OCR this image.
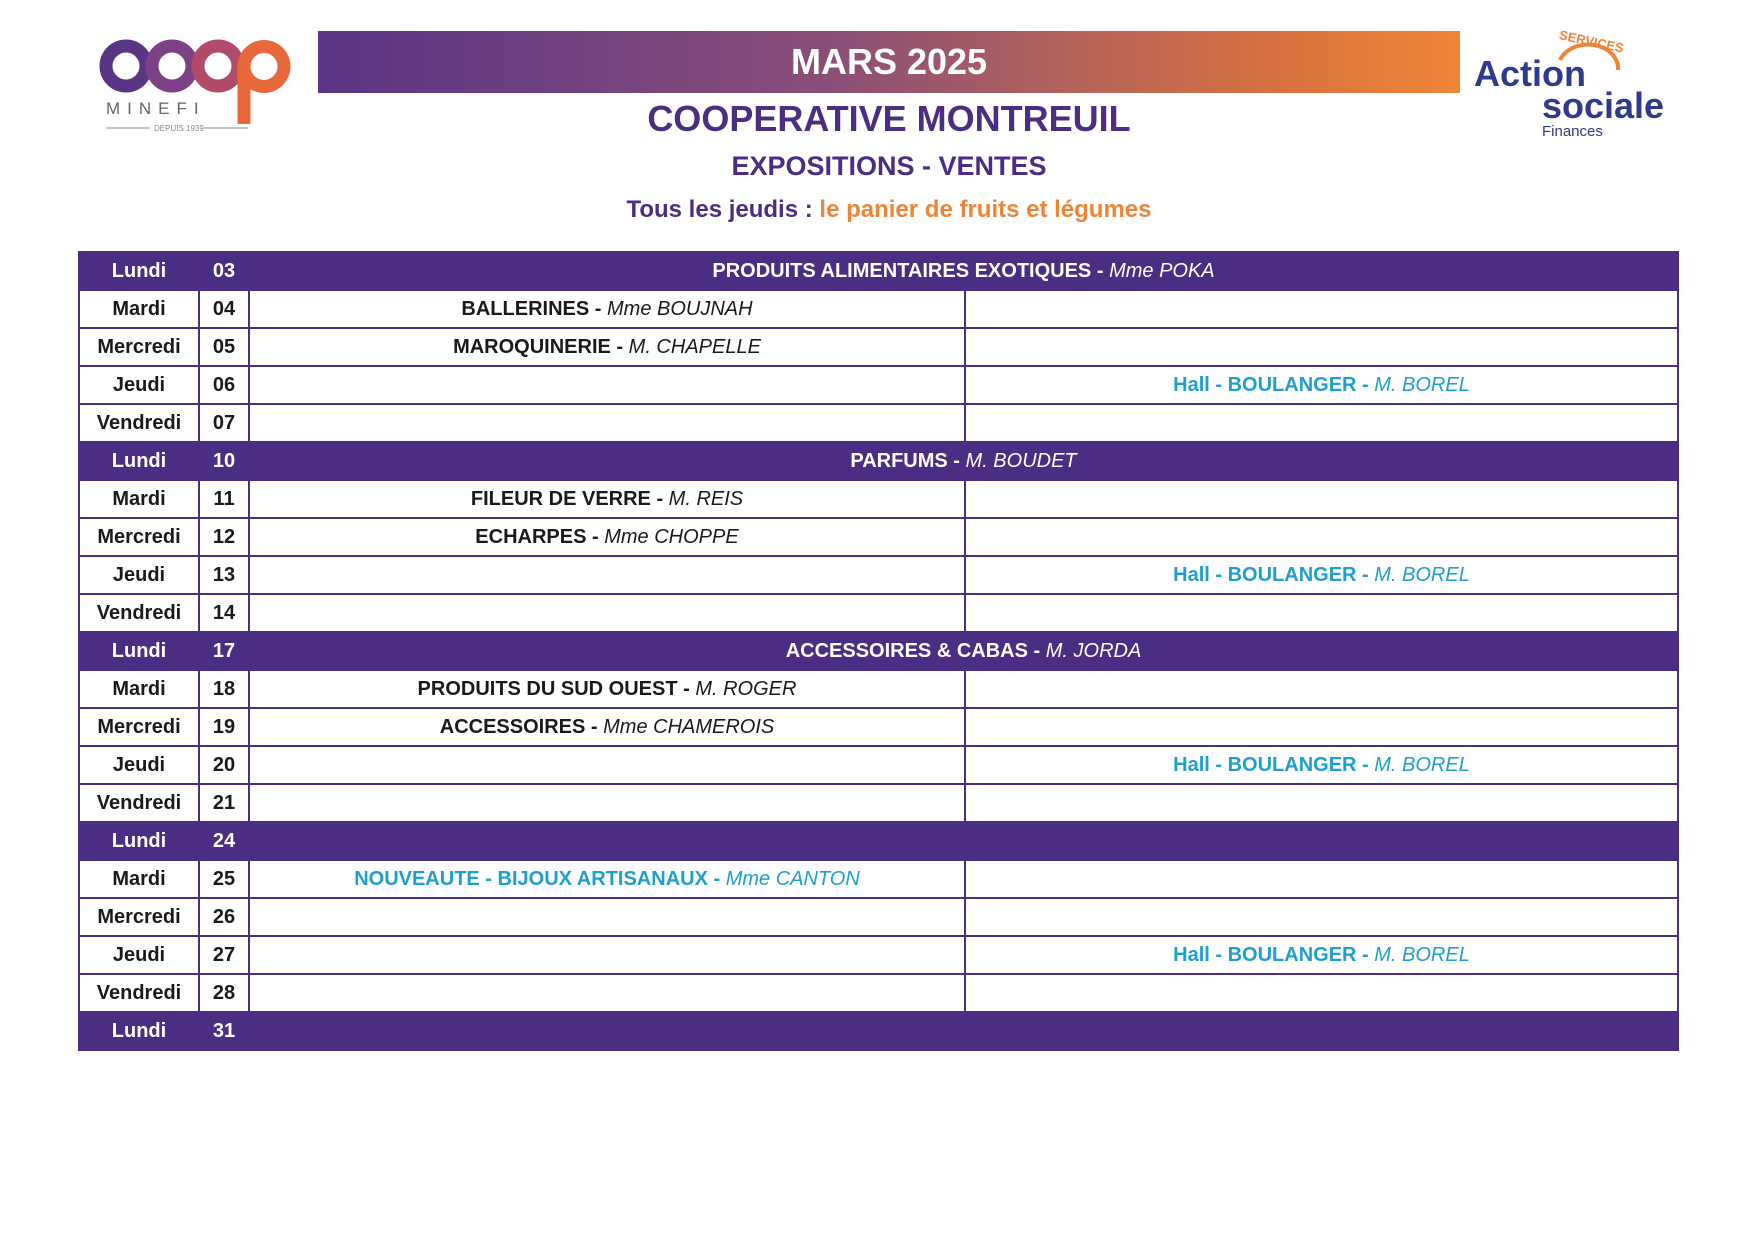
MINEFI
DEPUIS 1939
MARS 2025
COOPERATIVE MONTREUIL
EXPOSITIONS - VENTES
Tous les jeudis : le panier de fruits et légumes
SERVICES
Action
sociale
Finances
Lundi	03	PRODUITS ALIMENTAIRES EXOTIQUES - Mme POKA	
Mardi	04	BALLERINES - Mme BOUJNAH	
Mercredi	05	MAROQUINERIE - M. CHAPELLE	
Jeudi	06		Hall - BOULANGER - M. BOREL
Vendredi	07		
Lundi	10	PARFUMS - M. BOUDET	
Mardi	11	FILEUR DE VERRE - M. REIS	
Mercredi	12	ECHARPES - Mme CHOPPE	
Jeudi	13		Hall - BOULANGER - M. BOREL
Vendredi	14		
Lundi	17	ACCESSOIRES & CABAS - M. JORDA	
Mardi	18	PRODUITS DU SUD OUEST - M. ROGER	
Mercredi	19	ACCESSOIRES - Mme CHAMEROIS	
Jeudi	20		Hall - BOULANGER - M. BOREL
Vendredi	21		
Lundi	24		
Mardi	25	NOUVEAUTE - BIJOUX ARTISANAUX - Mme CANTON	
Mercredi	26		
Jeudi	27		Hall - BOULANGER - M. BOREL
Vendredi	28		
Lundi	31		
